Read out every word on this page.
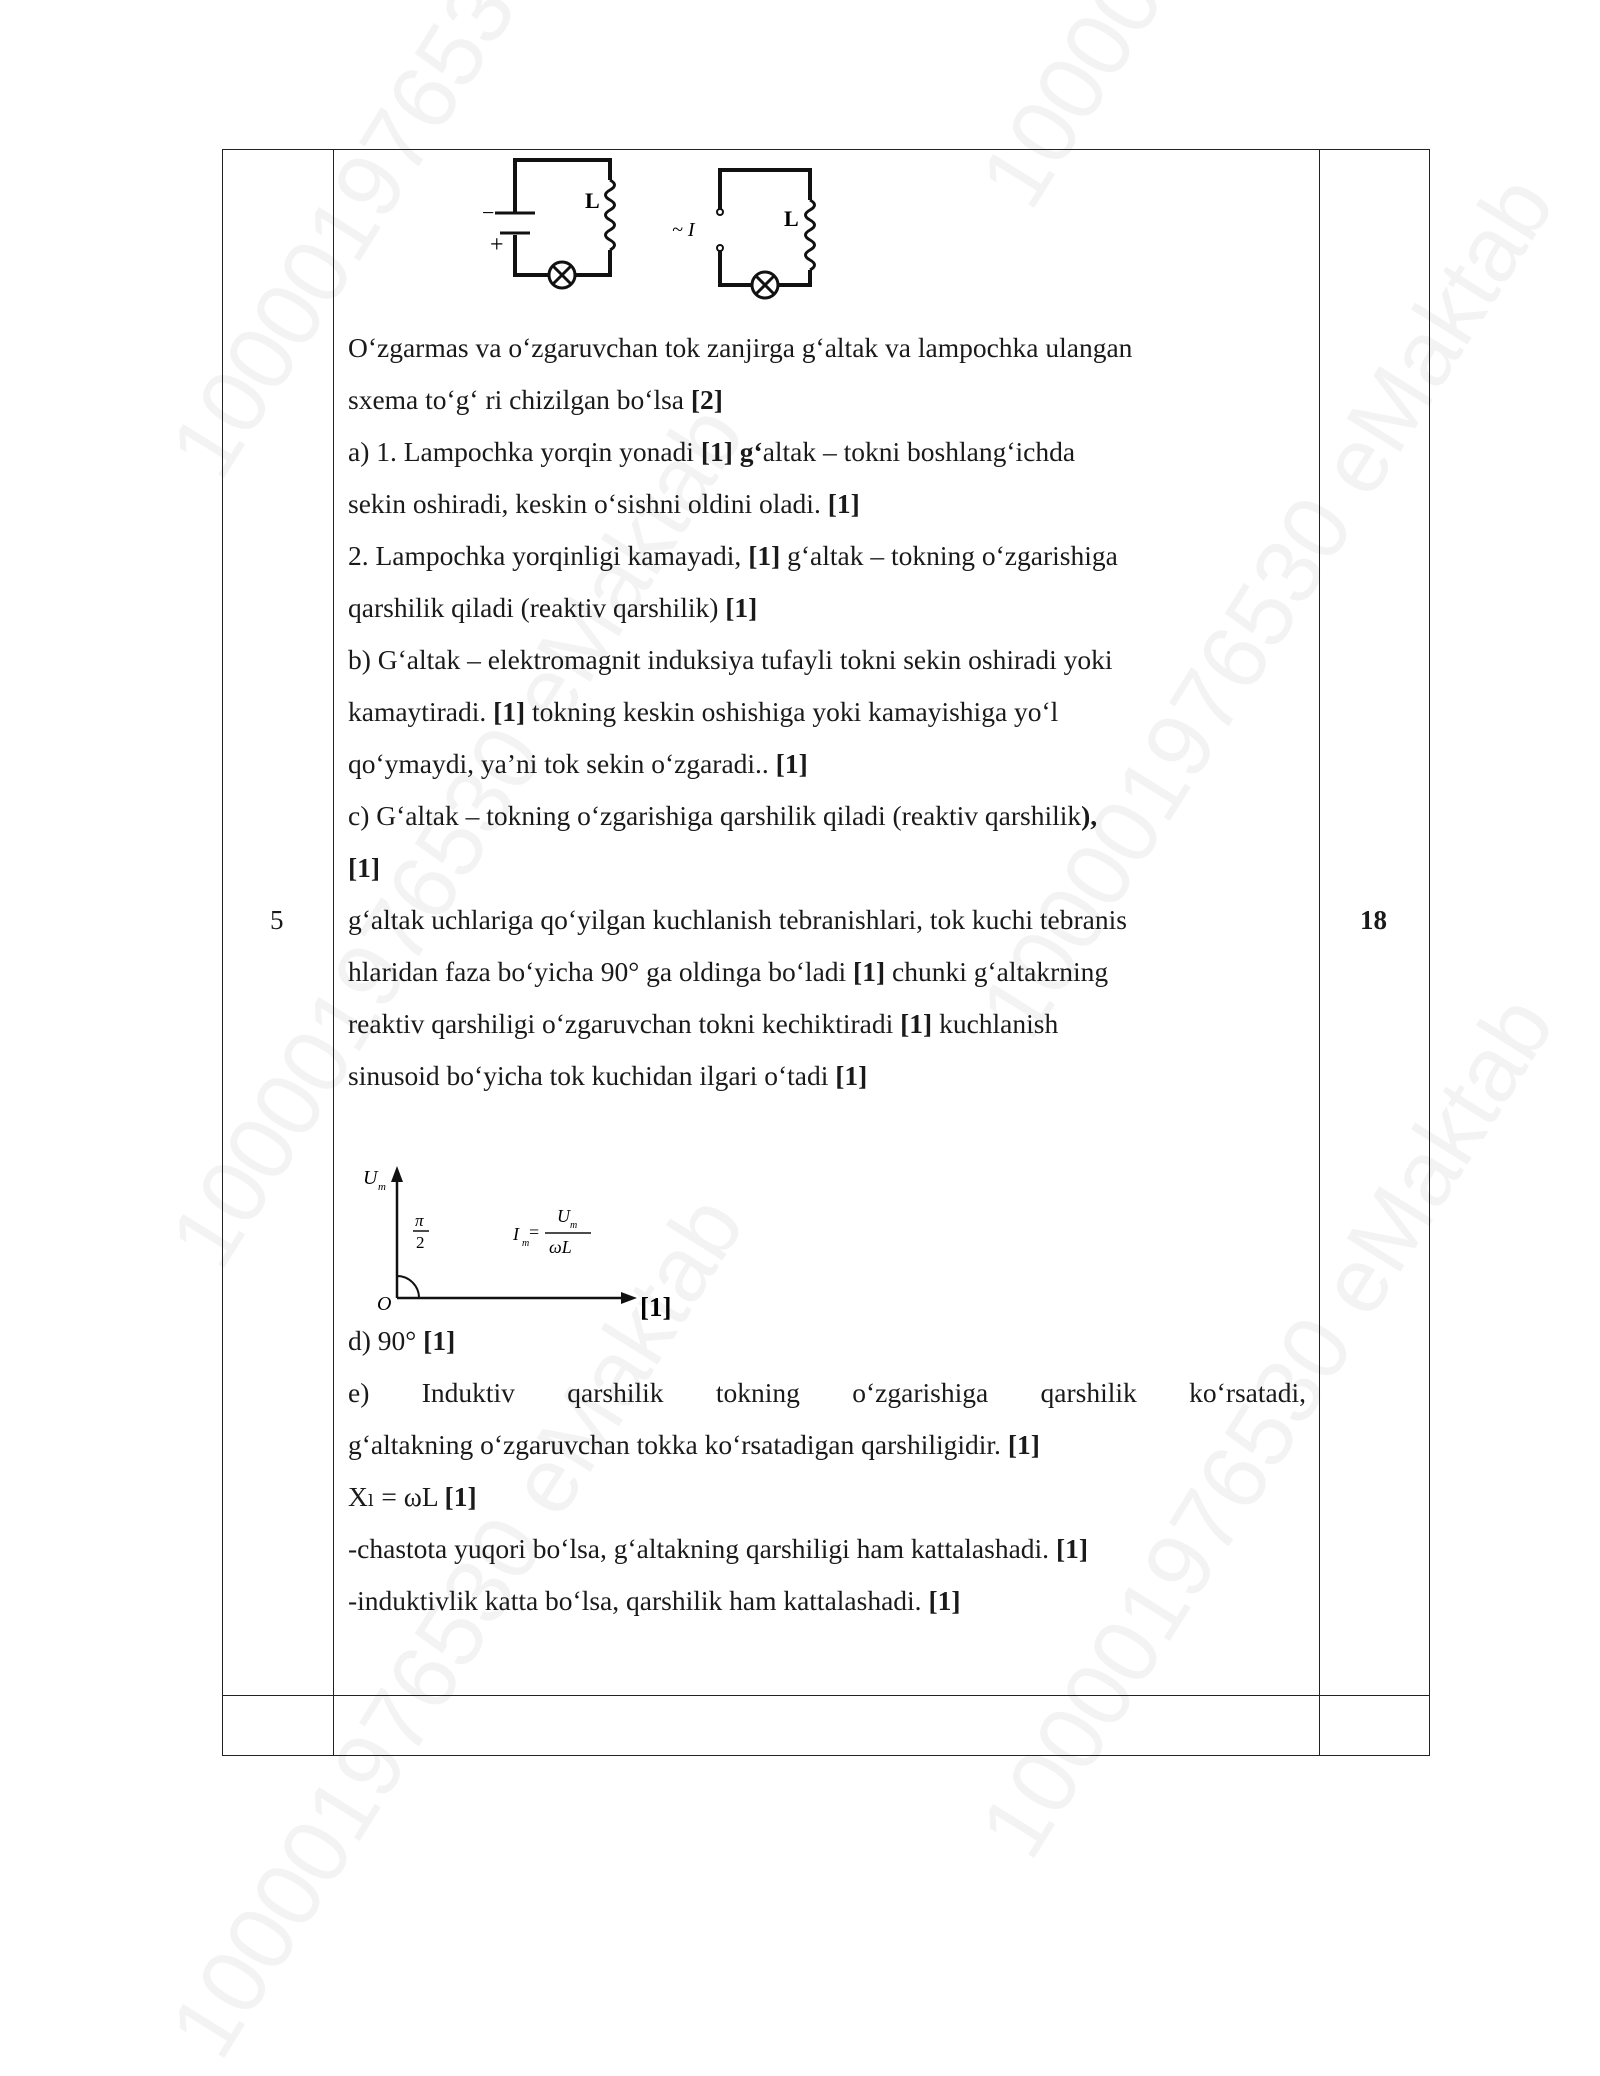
5	18
−
+
L
~ I	L
O‘zgarmas va o‘zgaruvchan tok zanjirga g‘altak va lampochka ulangan
sxema to‘g‘ ri chizilgan bo‘lsa [2]
a) 1. Lampochka yorqin yonadi [1] g‘altak – tokni boshlang‘ichda
sekin oshiradi, keskin o‘sishni oldini oladi. [1]
2. Lampochka yorqinligi kamayadi, [1] g‘altak – tokning o‘zgarishiga
qarshilik qiladi (reaktiv qarshilik) [1]
b) G‘altak – elektromagnit induksiya tufayli tokni sekin oshiradi yoki
kamaytiradi. [1] tokning keskin oshishiga yoki kamayishiga yo‘l
qo‘ymaydi, ya’ni tok sekin o‘zgaradi.. [1]
c) G‘altak – tokning o‘zgarishiga qarshilik qiladi (reaktiv qarshilik),
[1]
g‘altak uchlariga qo‘yilgan kuchlanish tebranishlari, tok kuchi tebranis
hlaridan faza bo‘yicha 90° ga oldinga bo‘ladi [1] chunki g‘altakrning
reaktiv qarshiligi o‘zgaruvchan tokni kechiktiradi [1] kuchlanish
sinusoid bo‘yicha tok kuchidan ilgari o‘tadi [1]
U m
π
2
O
I m
=
U m
ωL
[1]
d) 90° [1]
e) Induktiv qarshilik tokning o‘zgarishiga qarshilik ko‘rsatadi,
g‘altakning o‘zgaruvchan tokka ko‘rsatadigan qarshiligidir. [1]
Xₗ = ωL [1]
-chastota yuqori bo‘lsa, g‘altakning qarshiligi ham kattalashadi. [1]
-induktivlik katta bo‘lsa, qarshilik ham kattalashadi. [1]
